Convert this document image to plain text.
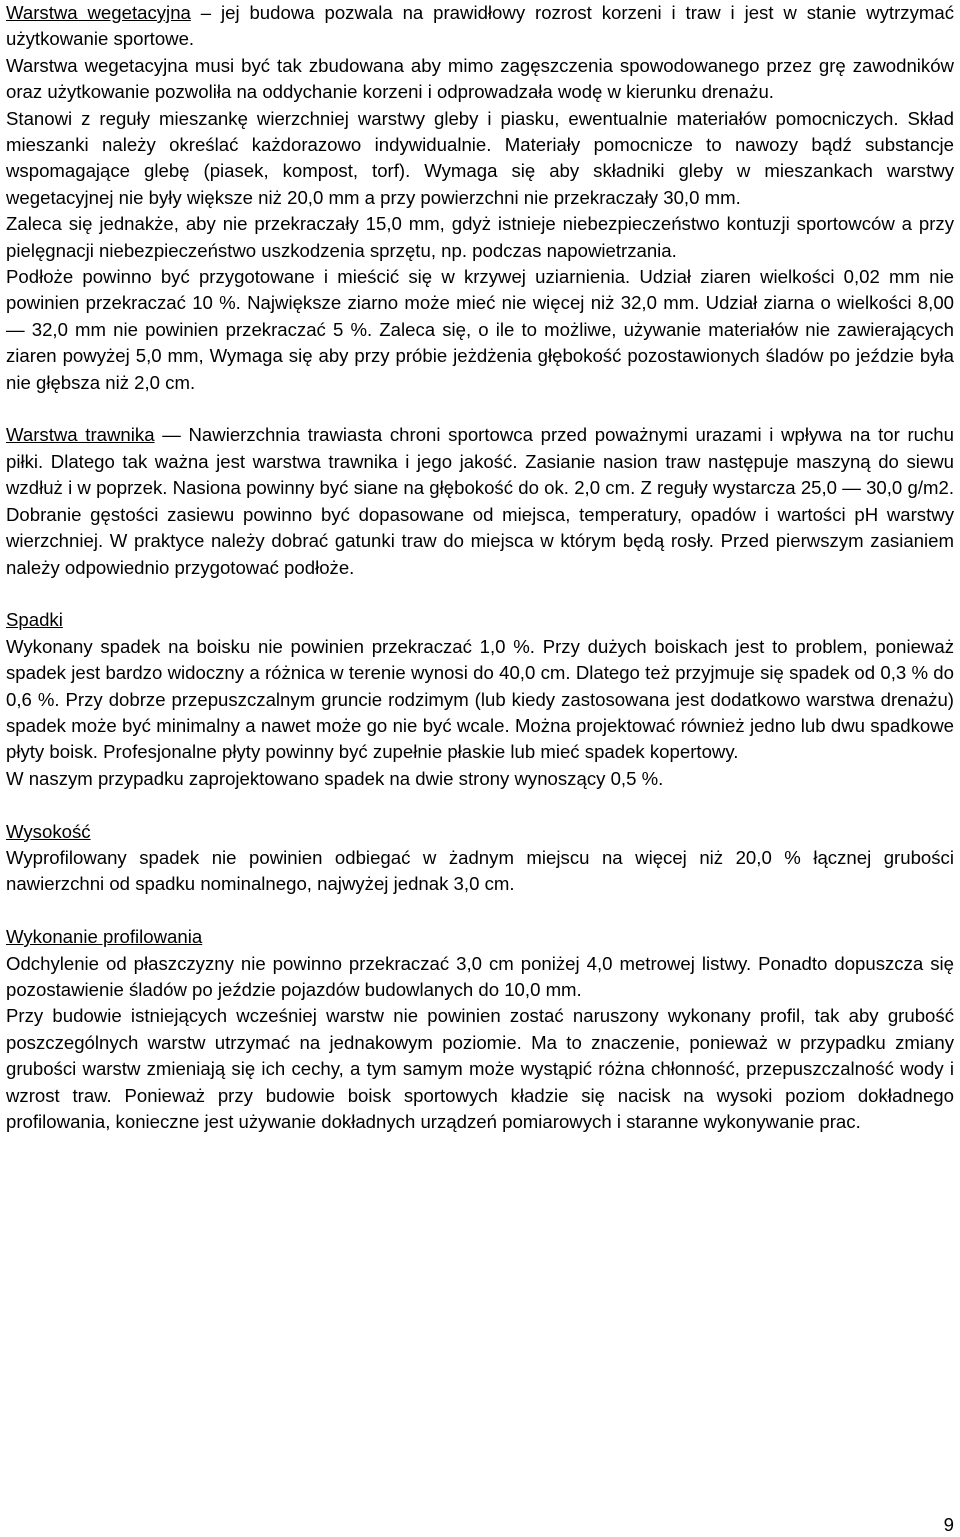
Warstwa wegetacyjna – jej budowa pozwala na prawidłowy rozrost korzeni i traw i jest w stanie wytrzymać użytkowanie sportowe.

Warstwa wegetacyjna musi być tak zbudowana aby mimo zagęszczenia spowodowanego przez grę zawodników oraz użytkowanie pozwoliła na oddychanie korzeni i odprowadzała wodę w kierunku drenażu.

Stanowi z reguły mieszankę wierzchniej warstwy gleby i piasku, ewentualnie materiałów pomocniczych. Skład mieszanki należy określać każdorazowo indywidualnie. Materiały pomocnicze to nawozy bądź substancje wspomagające glebę (piasek, kompost, torf). Wymaga się aby składniki gleby w mieszankach warstwy wegetacyjnej nie były większe niż 20,0 mm a przy powierzchni nie przekraczały 30,0 mm.

Zaleca się jednakże, aby nie przekraczały 15,0 mm, gdyż istnieje niebezpieczeństwo kontuzji sportowców a przy pielęgnacji niebezpieczeństwo uszkodzenia sprzętu, np. podczas napowietrzania.

Podłoże powinno być przygotowane i mieścić się w krzywej uziarnienia. Udział ziaren wielkości 0,02 mm nie powinien przekraczać 10 %. Największe ziarno może mieć nie więcej niż 32,0 mm. Udział ziarna o wielkości 8,00 — 32,0 mm nie powinien przekraczać 5 %. Zaleca się, o ile to możliwe, używanie materiałów nie zawierających ziaren powyżej 5,0 mm, Wymaga się aby przy próbie jeżdżenia głębokość pozostawionych śladów po jeździe była nie głębsza niż 2,0 cm.

Warstwa trawnika — Nawierzchnia trawiasta chroni sportowca przed poważnymi urazami i wpływa na tor ruchu piłki. Dlatego tak ważna jest warstwa trawnika i jego jakość. Zasianie nasion traw następuje maszyną do siewu wzdłuż i w poprzek. Nasiona powinny być siane na głębokość do ok. 2,0 cm. Z reguły wystarcza 25,0 — 30,0 g/m2. Dobranie gęstości zasiewu powinno być dopasowane od miejsca, temperatury, opadów i wartości pH warstwy wierzchniej. W praktyce należy dobrać gatunki traw do miejsca w którym będą rosły. Przed pierwszym zasianiem należy odpowiednio przygotować podłoże.

Spadki

Wykonany spadek na boisku nie powinien przekraczać 1,0 %. Przy dużych boiskach jest to problem, ponieważ spadek jest bardzo widoczny a różnica w terenie wynosi do 40,0 cm. Dlatego też przyjmuje się spadek od 0,3 % do 0,6 %. Przy dobrze przepuszczalnym gruncie rodzimym (lub kiedy zastosowana jest dodatkowo warstwa drenażu) spadek może być minimalny a nawet może go nie być wcale. Można projektować również jedno lub dwu spadkowe płyty boisk. Profesjonalne płyty powinny być zupełnie płaskie lub mieć spadek kopertowy.

W naszym przypadku zaprojektowano spadek na dwie strony wynoszący 0,5 %.

Wysokość

Wyprofilowany spadek nie powinien odbiegać w żadnym miejscu na więcej niż 20,0 % łącznej grubości nawierzchni od spadku nominalnego, najwyżej jednak 3,0 cm.

Wykonanie profilowania

Odchylenie od płaszczyzny nie powinno przekraczać 3,0 cm poniżej 4,0 metrowej listwy. Ponadto dopuszcza się pozostawienie śladów po jeździe pojazdów budowlanych do 10,0 mm.

Przy budowie istniejących wcześniej warstw nie powinien zostać naruszony wykonany profil, tak aby grubość poszczególnych warstw utrzymać na jednakowym poziomie. Ma to znaczenie, ponieważ w przypadku zmiany grubości warstw zmieniają się ich cechy, a tym samym może wystąpić różna chłonność, przepuszczalność wody i wzrost traw. Ponieważ przy budowie boisk sportowych kładzie się nacisk na wysoki poziom dokładnego profilowania, konieczne jest używanie dokładnych urządzeń pomiarowych i staranne wykonywanie prac.

9
